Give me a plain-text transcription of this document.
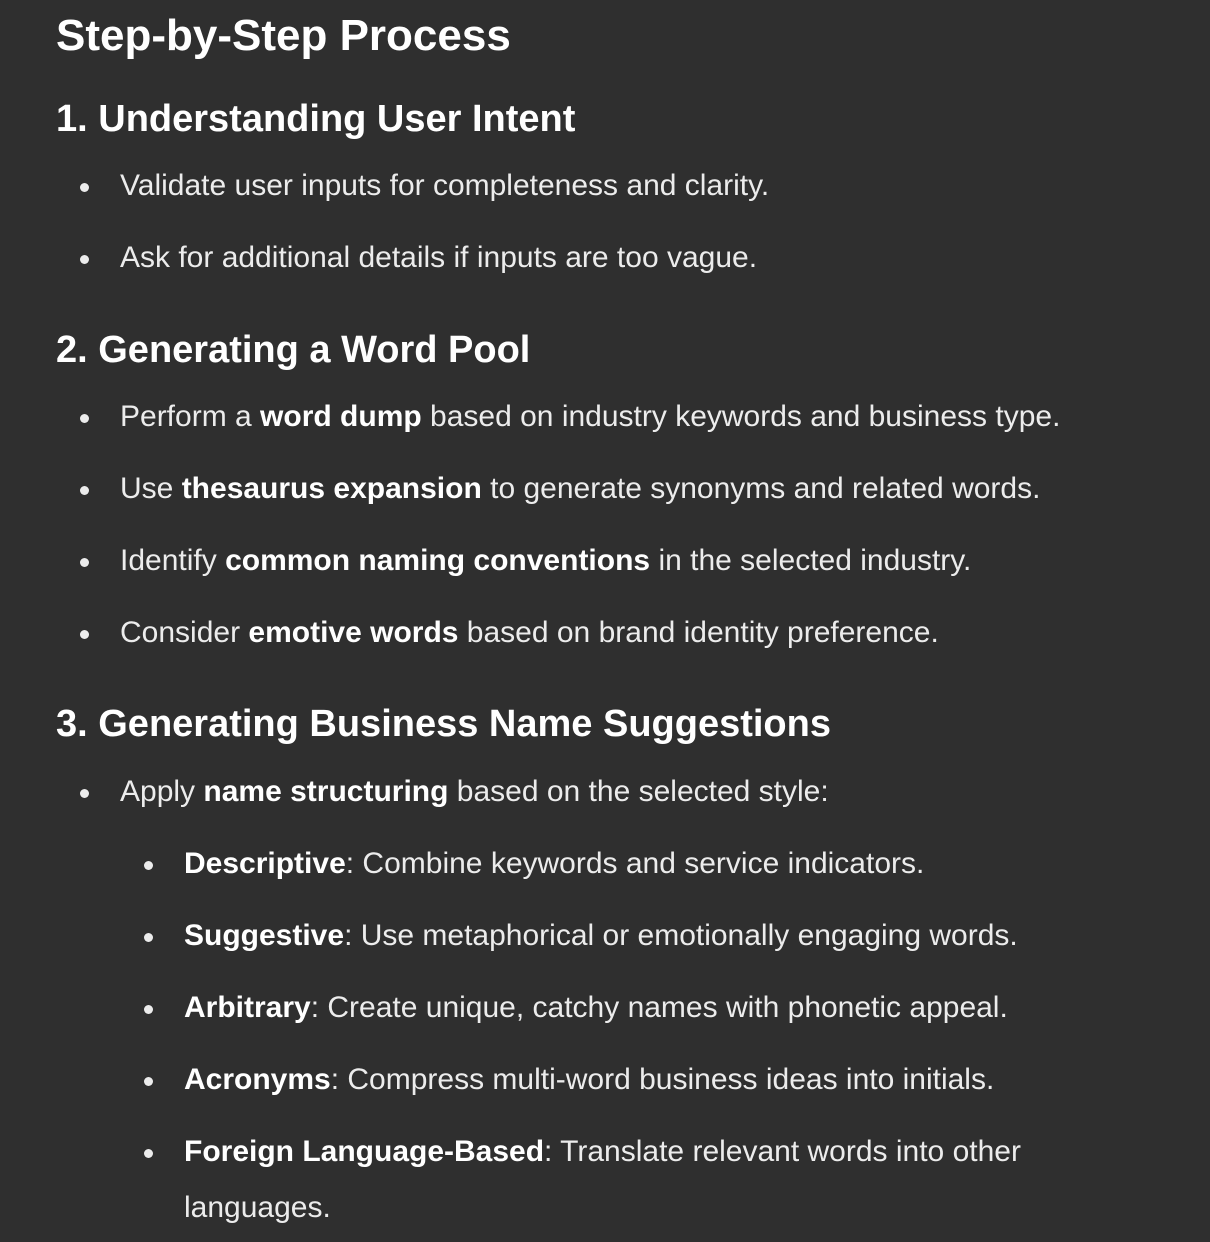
Step-by-Step Process
1. Understanding User Intent
Validate user inputs for completeness and clarity.
Ask for additional details if inputs are too vague.
2. Generating a Word Pool
Perform a word dump based on industry keywords and business type.
Use thesaurus expansion to generate synonyms and related words.
Identify common naming conventions in the selected industry.
Consider emotive words based on brand identity preference.
3. Generating Business Name Suggestions
Apply name structuring based on the selected style:
Descriptive: Combine keywords and service indicators.
Suggestive: Use metaphorical or emotionally engaging words.
Arbitrary: Create unique, catchy names with phonetic appeal.
Acronyms: Compress multi-word business ideas into initials.
Foreign Language-Based: Translate relevant words into other languages.
